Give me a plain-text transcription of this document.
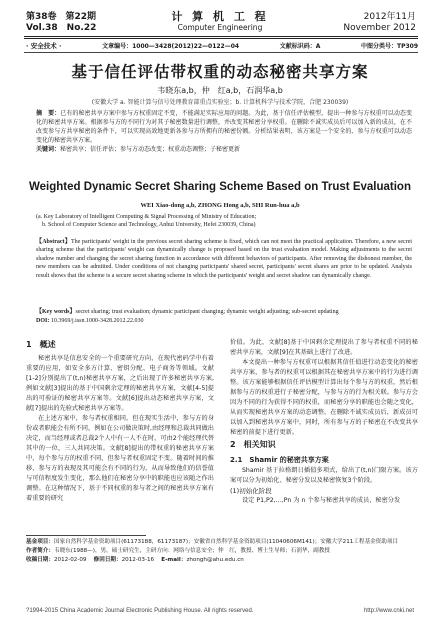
第38卷　第22期
Vol.38　No.22
计 算 机 工 程
Computer Engineering
2012年11月
November 2012
· 安全技术 ·	文章编号：1000—3428(2012)22—0122—04	文献标识码：A	中图分类号：TP309
基于信任评估带权重的动态秘密共享方案
韦晓东a,b，仲　红a,b，石润华a,b
(安徽大学 a. 智能计算与信号处理教育部重点实验室；b. 计算机科学与技术学院，合肥 230039)
摘　要：已有的秘密共享方案中参与方权重固定不变，不能满足实际应用的问题。为此，基于信任评估模型，提出一种参与方权重可以动态变化的秘密共享方案。根据参与方的不同行为对其子秘密数量进行调整，并改变其秘密分享权重。在删除不诚实成员后可以加入新的成员，在不改变参与方共享秘密的条件下，可以实现高效地更新各参与方所拥有的秘密份额。分析结果表明，该方案是一个安全的、参与方权重可以动态变化的秘密共享方案。
关键词：秘密共享；信任评估；参与方动态改变；权重动态调整；子秘密更新
Weighted Dynamic Secret Sharing Scheme Based on Trust Evaluation
WEI Xiao-dong a,b, ZHONG Hong a,b, SHI Run-hua a,b
(a. Key Laboratory of Intelligent Computing & Signal Processing of Ministry of Education;
b. School of Computer Science and Technology, Anhui University, Hefei 230039, China)
【Abstract】The participants' weight in the previous secret sharing scheme is fixed, which can not meet the practical application. Therefore, a new secret sharing scheme that the participants' weight can dynamically change is proposed based on the trust evaluation model. Making adjustments to the secret shadow number and changing the secret sharing function in accordance with different behaviors of participants. After removing the dishonest member, the new members can be admitted. Under conditions of not changing participants' shared secret, participants' secret shares are prior to be updated. Analysis result shows that the scheme is a secure secret sharing scheme in which the participants' weight and secret shadow can dynamically change.
【Key words】secret sharing; trust evaluation; dynamic participant changing; dynamic weight adjusting; sub-secret updating
DOI: 10.3969/j.issn.1000-3428.2012.22.030
1　概述
秘密共享是信息安全的一个重要研究方向，在现代密码学中有着重要的应用，如安全多方计算、密钥分配、电子商务等领域。文献[1-2]分别提出了(t,n)秘密共享方案，之后出现了许多秘密共享方案,例如文献[3]提出的基于中国剩余定理的秘密共享方案，文献[4-5]提出的可验证的秘密共享方案等。文献[6]提出动态秘密共享方案，文献[7]提出的先验式秘密共享方案等。
在上述方案中，参与者权重相同，但在现实生活中，参与方的身份或者职能会有所不同，例如在公司做决策时,由经理和总裁共同做出决定，而当经理或者总裁2个人中有一人不在时，可由2个能经理代替其中的一位，三人共同决策。文献[8]提出的带权重的秘密共享方案中，每个参与方的权重不同，但参与者权重固定不变。随着时间的推移，参与方的表现及其可能会有不同的行为，从而导致他们的信誉值与可信程度发生变化，那么他们在秘密分享中的职能也应该随之作出调整。在这种情况下，基于不同权重的参与者之间的秘密共享方案有着重要的研究
价值。为此，文献[8]基于中国剩余定理提出了参与者权重不同的秘密共享方案，文献[9]在其基础上进行了改进。
本文提出一种参与方权重可以根据其信任值进行动态变化的秘密共享方案，参与者的权重可以根据其在秘密共享方案中的行为进行调整。该方案能够根据信任评估模型计算出每个参与方的权重，然后根据参与方的权重进行子秘密分配，与参与方的行为相关联。参与方会因为不同的行为获得不同的权重，而秘密分享的职能也会随之变化，从而实现秘密共享方案的动态调整。在删除不诚实成员后，新成员可以加入到秘密共享方案中，同时，所有参与方的子秘密在不改变共享秘密的前提下进行更新。
2　相关知识
2.1　Shamir 的秘密共享方案
Shamir 基于拉格朗日插值多项式，给出了(t,n)门限方案。该方案可以分为初始化、秘密分发以及秘密恢复3个阶段。
(1)初始化阶段
设定 P1,P2,…,Pn 为 n 个参与秘密共享的成员，秘密分发
基金项目：国家自然科学基金资助项目(61173188，61173187)；安徽省自然科学基金资助项目(11040606M141)；安徽大学211工程基金资助项目
作者简介：韦晓东(1988—)，男，硕士研究生，主研方向：网络与信息安全；仲　红，教授、博士生导师；石润华，副教授
收稿日期：2012-02-09 修回日期：2012-03-16 E-mail：zhongh@ahu.edu.cn
?1994-2015 China Academic Journal Electronic Publishing House. All rights reserved.	http://www.cnki.net
